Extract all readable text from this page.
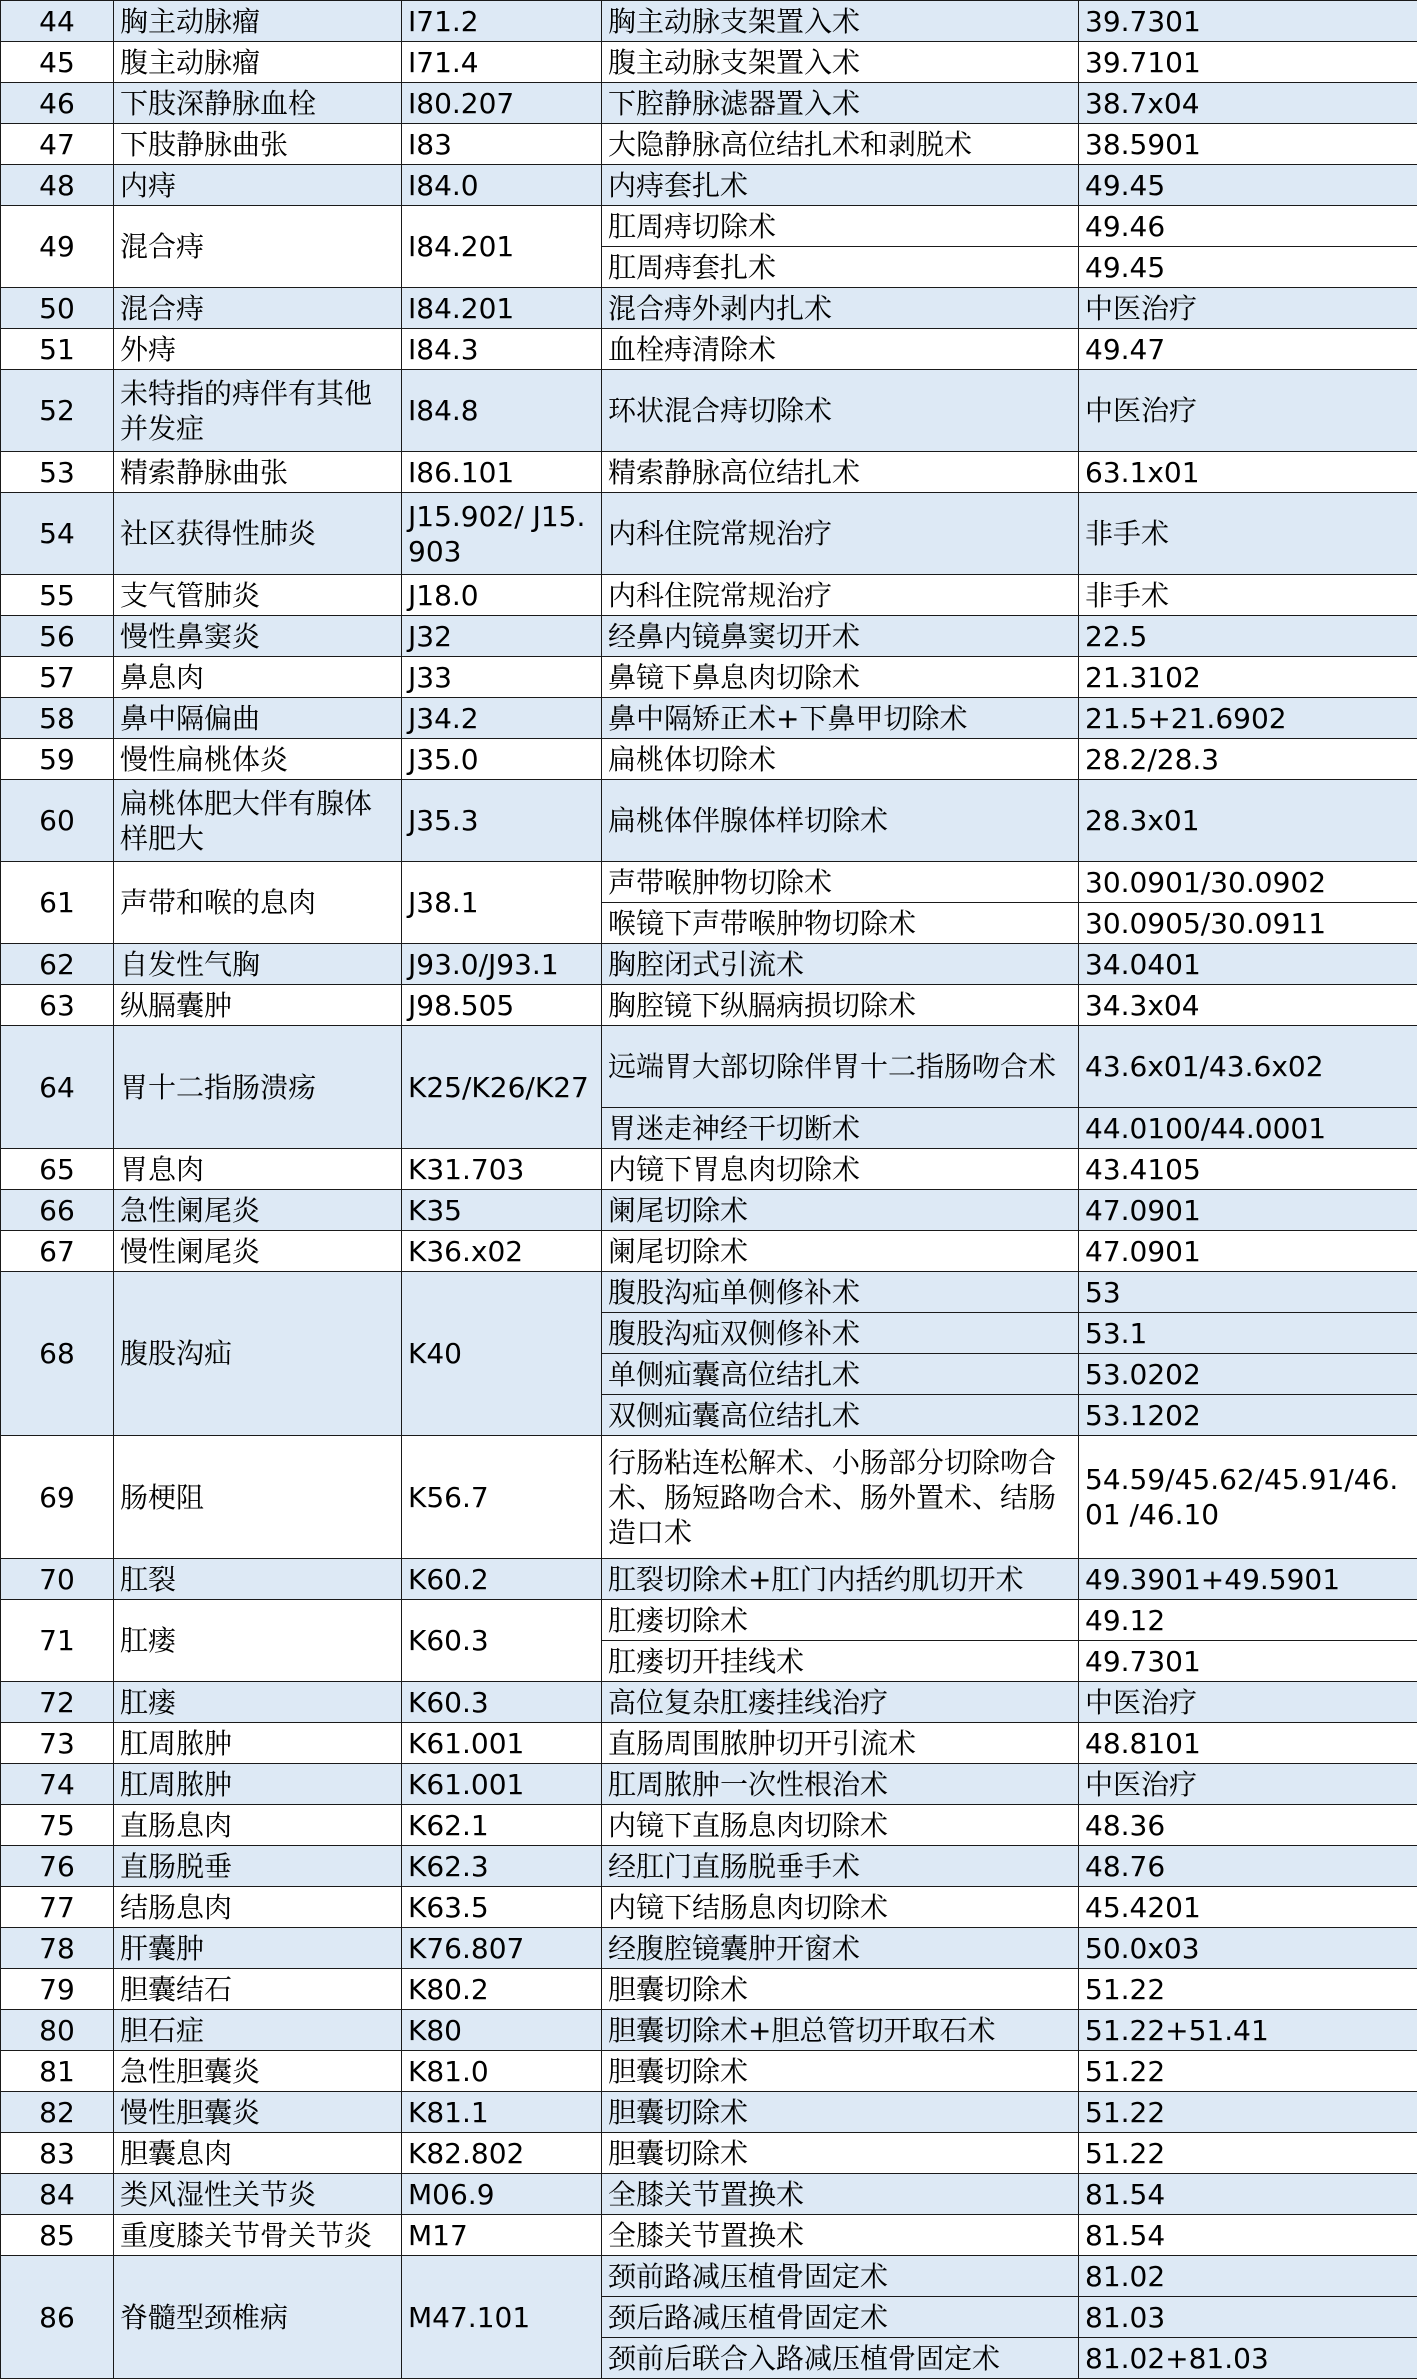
44	胸主动脉瘤	I71.2	胸主动脉支架置入术	39.7301
45	腹主动脉瘤	I71.4	腹主动脉支架置入术	39.7101
46	下肢深静脉血栓	I80.207	下腔静脉滤器置入术	38.7x04
47	下肢静脉曲张	I83	大隐静脉高位结扎术和剥脱术	38.5901
48	内痔	I84.0	内痔套扎术	49.45
49	混合痔	I84.201	肛周痔切除术	49.46
			肛周痔套扎术	49.45
50	混合痔	I84.201	混合痔外剥内扎术	中医治疗
51	外痔	I84.3	血栓痔清除术	49.47
52	未特指的痔伴有其他并发症	I84.8	环状混合痔切除术	中医治疗
53	精索静脉曲张	I86.101	精索静脉高位结扎术	63.1x01
54	社区获得性肺炎	J15.902/ J15.903	内科住院常规治疗	非手术
55	支气管肺炎	J18.0	内科住院常规治疗	非手术
56	慢性鼻窦炎	J32	经鼻内镜鼻窦切开术	22.5
57	鼻息肉	J33	鼻镜下鼻息肉切除术	21.3102
58	鼻中隔偏曲	J34.2	鼻中隔矫正术+下鼻甲切除术	21.5+21.6902
59	慢性扁桃体炎	J35.0	扁桃体切除术	28.2/28.3
60	扁桃体肥大伴有腺体样肥大	J35.3	扁桃体伴腺体样切除术	28.3x01
61	声带和喉的息肉	J38.1	声带喉肿物切除术	30.0901/30.0902
			喉镜下声带喉肿物切除术	30.0905/30.0911
62	自发性气胸	J93.0/J93.1	胸腔闭式引流术	34.0401
63	纵膈囊肿	J98.505	胸腔镜下纵膈病损切除术	34.3x04
64	胃十二指肠溃疡	K25/K26/K27	远端胃大部切除伴胃十二指肠吻合术	43.6x01/43.6x02
			胃迷走神经干切断术	44.0100/44.0001
65	胃息肉	K31.703	内镜下胃息肉切除术	43.4105
66	急性阑尾炎	K35	阑尾切除术	47.0901
67	慢性阑尾炎	K36.x02	阑尾切除术	47.0901
68	腹股沟疝	K40	腹股沟疝单侧修补术	53
			腹股沟疝双侧修补术	53.1
			单侧疝囊高位结扎术	53.0202
			双侧疝囊高位结扎术	53.1202
69	肠梗阻	K56.7	行肠粘连松解术、小肠部分切除吻合术、肠短路吻合术、肠外置术、结肠造口术	54.59/45.62/45.91/46.01 /46.10
70	肛裂	K60.2	肛裂切除术+肛门内括约肌切开术	49.3901+49.5901
71	肛瘘	K60.3	肛瘘切除术	49.12
			肛瘘切开挂线术	49.7301
72	肛瘘	K60.3	高位复杂肛瘘挂线治疗	中医治疗
73	肛周脓肿	K61.001	直肠周围脓肿切开引流术	48.8101
74	肛周脓肿	K61.001	肛周脓肿一次性根治术	中医治疗
75	直肠息肉	K62.1	内镜下直肠息肉切除术	48.36
76	直肠脱垂	K62.3	经肛门直肠脱垂手术	48.76
77	结肠息肉	K63.5	内镜下结肠息肉切除术	45.4201
78	肝囊肿	K76.807	经腹腔镜囊肿开窗术	50.0x03
79	胆囊结石	K80.2	胆囊切除术	51.22
80	胆石症	K80	胆囊切除术+胆总管切开取石术	51.22+51.41
81	急性胆囊炎	K81.0	胆囊切除术	51.22
82	慢性胆囊炎	K81.1	胆囊切除术	51.22
83	胆囊息肉	K82.802	胆囊切除术	51.22
84	类风湿性关节炎	M06.9	全膝关节置换术	81.54
85	重度膝关节骨关节炎	M17	全膝关节置换术	81.54
86	脊髓型颈椎病	M47.101	颈前路减压植骨固定术	81.02
			颈后路减压植骨固定术	81.03
			颈前后联合入路减压植骨固定术	81.02+81.03
